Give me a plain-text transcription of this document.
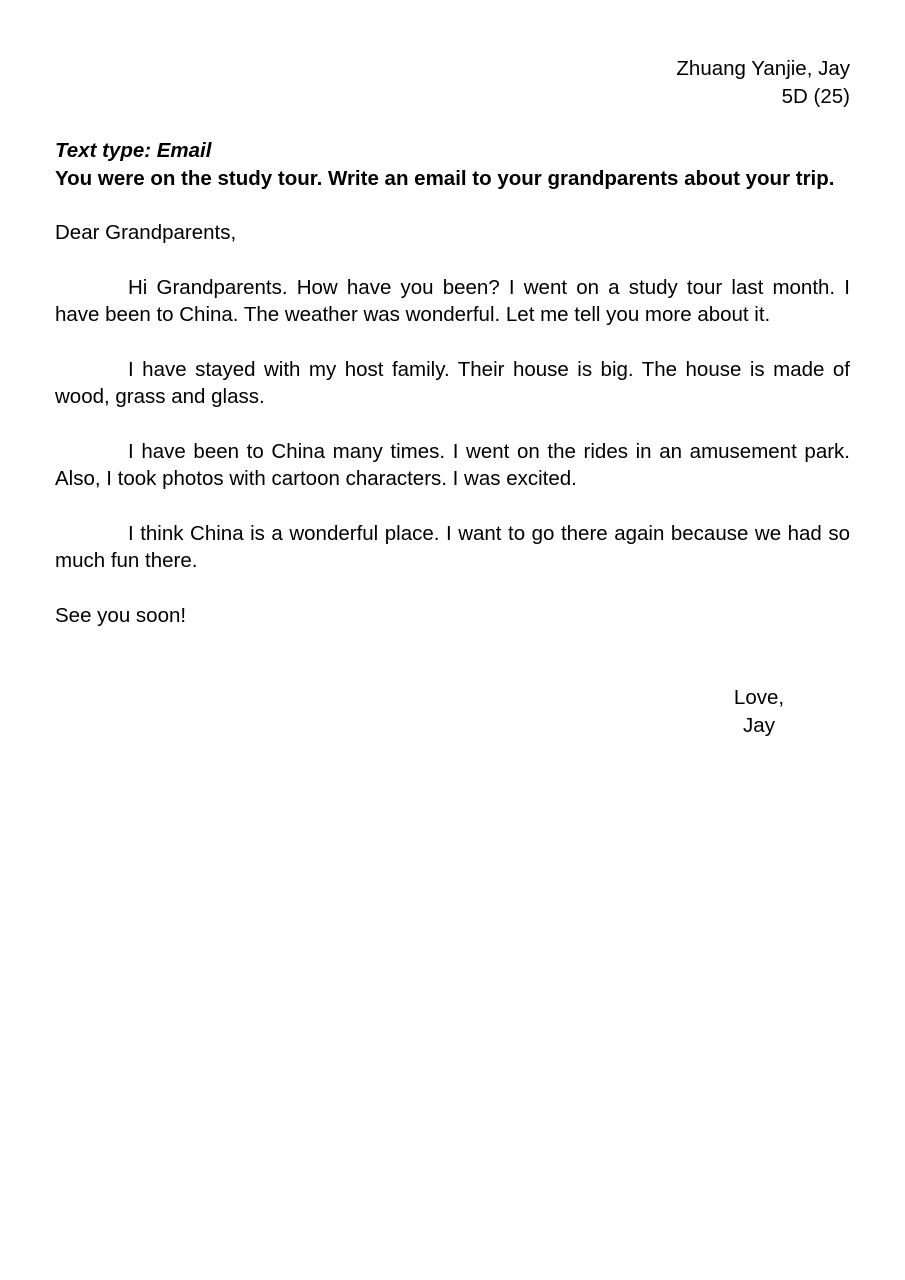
Zhuang Yanjie, Jay
5D (25)
Text type: Email
You were on the study tour. Write an email to your grandparents about your trip.
Dear Grandparents,
Hi Grandparents. How have you been? I went on a study tour last month. I have been to China. The weather was wonderful. Let me tell you more about it.
I have stayed with my host family. Their house is big. The house is made of wood, grass and glass.
I have been to China many times. I went on the rides in an amusement park. Also, I took photos with cartoon characters. I was excited.
I think China is a wonderful place. I want to go there again because we had so much fun there.
See you soon!
Love,
Jay
